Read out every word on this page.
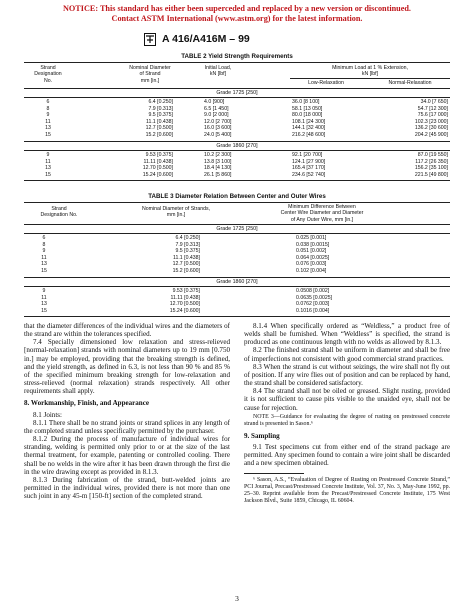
NOTICE: This standard has either been superceded and replaced by a new version or discontinued.
Contact ASTM International (www.astm.org) for the latest information.
A 416/A416M – 99
TABLE 2 Yield Strength Requirements
Strand
Designation
No.
Nominal Diameter
of Strand
mm [in.]
Initial Load,
kN [lbf]
Minimum Load at 1 % Extension,
kN [lbf]
Low-Relaxation	Normal-Relaxation
Grade 1725 [250]
6
8
9
11
13
15
6.4 [0.250]
7.9 [0.313]
9.5 [0.375]
11.1 [0.438]
12.7 [0.500]
15.2 [0.600]
4.0 [900]
6.5 [1 450]
9.0 [2 000]
12.0 [2 700]
16.0 [3 600]
24.0 [5 400]
36.0 [8 100]
58.1 [13 050]
80.0 [18 000]
108.1 [24 300]
144.1 [32 400]
216.2 [48 600]
34.0 [7 650]
54.7 [12 300]
75.6 [17 000]
102.3 [23 000]
136.2 [30 600]
204.2 [45 900]
Grade 1860 [270]
9
11
13
15
9.53 [0.375]
11.11 [0.438]
12.70 [0.500]
15.24 [0.600]
10.2 [2 300]
13.8 [3 100]
18.4 [4 130]
26.1 [5 860]
92.1 [20 700]
124.1 [27 900]
165.4 [37 170]
234.6 [52 740]
87.0 [19 550]
117.2 [26 350]
156.2 [35 100]
221.5 [49 800]
TABLE 3 Diameter Relation Between Center and Outer Wires
Strand
Designation No.
Nominal Diameter of Strands,
mm [in.]
Minimum Difference Between
Center Wire Diameter and Diameter
of Any Outer Wire, mm [in.]
Grade 1725 [250]
6
8
9
11
13
15
6.4 [0.250]
7.9 [0.313]
9.5 [0.375]
11.1 [0.438]
12.7 [0.500]
15.2 [0.600]
0.025 [0.001]
0.038 [0.0015]
0.051 [0.002]
0.064 [0.0025]
0.076 [0.003]
0.102 [0.004]
Grade 1860 [270]
9
11
13
15
9.53 [0.375]
11.11 [0.438]
12.70 [0.500]
15.24 [0.600]
0.0508 [0.002]
0.0635 [0.0025]
0.0762 [0.003]
0.1016 [0.004]

that the diameter differences of the individual wires and the diameters of the strand are within the tolerances specified.

7.4 Specially dimensioned low relaxation and stress-relieved [normal-relaxation] strands with nominal diameters up to 19 mm [0.750 in.] may be employed, providing that the breaking strength is defined, and the yield strength, as defined in 6.3, is not less than 90 % and 85 % of the specified minimum breaking strength for low-relaxation and stress-relieved (normal relaxation) strands respectively. All other requirements shall apply.

8. Workmanship, Finish, and Appearance

8.1 Joints:

8.1.1 There shall be no strand joints or strand splices in any length of the completed strand unless specifically permitted by the purchaser.

8.1.2 During the process of manufacture of individual wires for stranding, welding is permitted only prior to or at the size of the last thermal treatment, for example, patenting or controlled cooling. There shall be no welds in the wire after it has been drawn through the first die in the wire drawing except as provided in 8.1.3.

8.1.3 During fabrication of the strand, butt-welded joints are permitted in the individual wires, provided there is not more than one such joint in any 45-m [150-ft] section of the completed strand.

8.1.4 When specifically ordered as “Weldless,” a product free of welds shall be furnished. When “Weldless” is specified, the strand is produced as one continuous length with no welds as allowed by 8.1.3.

8.2 The finished strand shall be uniform in diameter and shall be free of imperfections not consistent with good commercial strand practices.

8.3 When the strand is cut without seizings, the wire shall not fly out of position. If any wire flies out of position and can be replaced by hand, the strand shall be considered satisfactory.

8.4 The strand shall not be oiled or greased. Slight rusting, provided it is not sufficient to cause pits visible to the unaided eye, shall not be cause for rejection.

NOTE 3—Guidance for evaluating the degree of rusting on prestressed concrete strand is presented in Sason.⁶

9. Sampling

9.1 Test specimens cut from either end of the strand package are permitted. Any specimen found to contain a wire joint shall be discarded and a new specimen obtained.

⁶ Sason, A.S., “Evaluation of Degree of Rusting on Prestressed Concrete Strand,” PCI Journal, Precast/Prestressed Concrete Institute, Vol. 37, No. 3, May-June 1992, pp. 25–30. Reprint available from the Precast/Prestressed Concrete Institute, 175 West Jackson Blvd., Suite 1859, Chicago, IL 60604.

3
